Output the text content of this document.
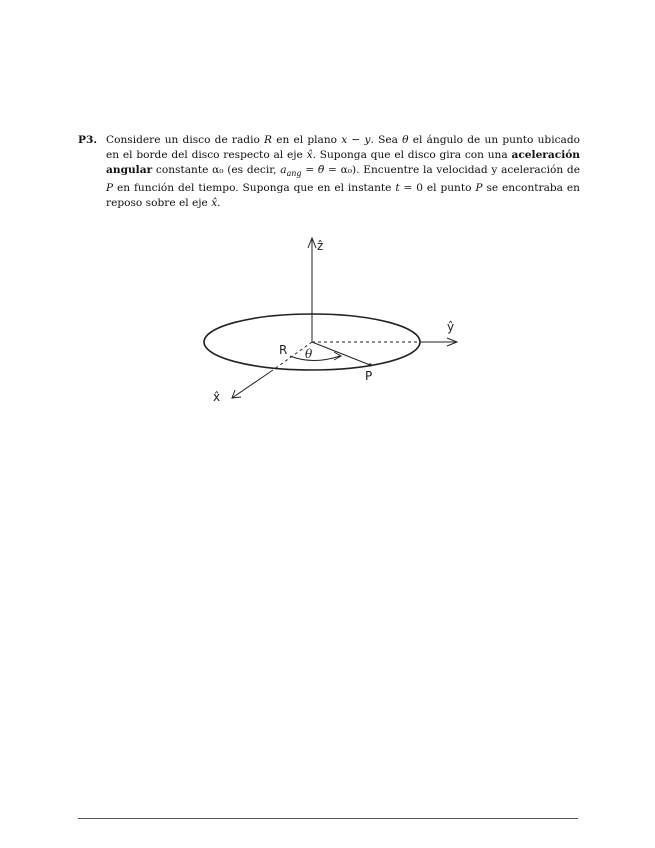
P3. Considere un disco de radio R en el plano x − y. Sea θ el ángulo de un punto ubicado en el borde del disco respecto al eje x̂. Suponga que el disco gira con una aceleración angular constante α₀ (es decir, $a_{ang}$ = θ̈ = α₀). Encuentre la velocidad y aceleración de P en función del tiempo. Suponga que en el instante t = 0 el punto P se encontraba en reposo sobre el eje x̂.
ẑ
ŷ
x̂
P
R θ
